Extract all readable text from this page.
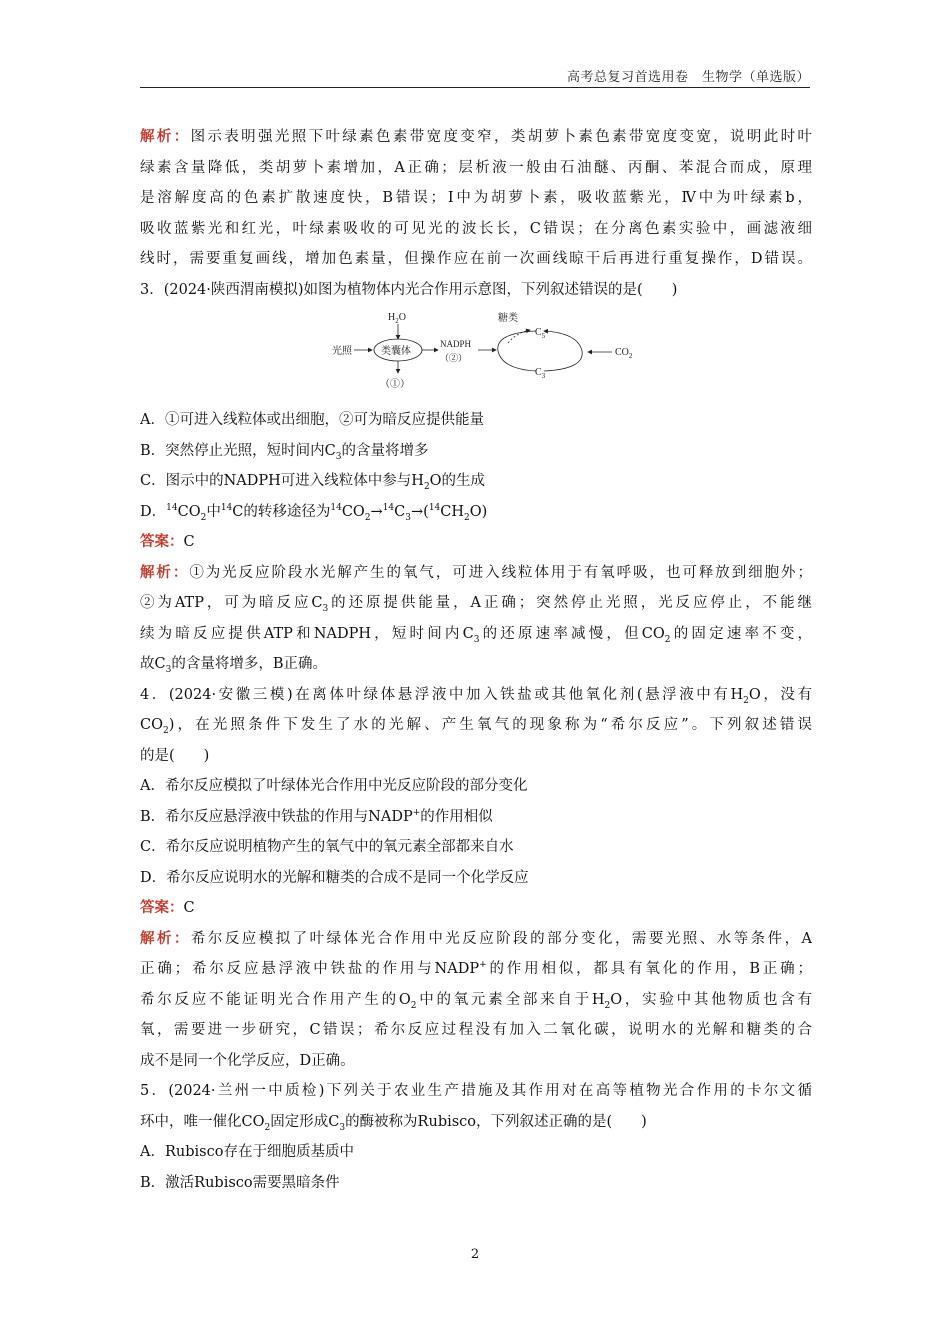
高考总复习首选用卷　生物学（单选版）
解析：图示表明强光照下叶绿素色素带宽度变窄，类胡萝卜素色素带宽度变宽，说明此时叶
绿素含量降低，类胡萝卜素增加，A正确；层析液一般由石油醚、丙酮、苯混合而成，原理
是溶解度高的色素扩散速度快，B错误；Ⅰ中为胡萝卜素，吸收蓝紫光，Ⅳ中为叶绿素b，
吸收蓝紫光和红光，叶绿素吸收的可见光的波长长，C错误；在分离色素实验中，画滤液细
线时，需要重复画线，增加色素量，但操作应在前一次画线晾干后再进行重复操作，D错误。
3．(2024·陕西渭南模拟)如图为植物体内光合作用示意图，下列叙述错误的是(　　)
$H_2O$
光照	类囊体
（①）
NADPH
（②）
糖类
$C_5$
$C_3$
$CO_2$
A．①可进入线粒体或出细胞，②可为暗反应提供能量
B．突然停止光照，短时间内$C_3$的含量将增多
C．图示中的NADPH可进入线粒体中参与$H_2O$的生成
D．$^{14}CO_2$中$^{14}$C的转移途径为$^{14}CO_2\to^{14}C_3\to(^{14}CH_2O)$
答案：C
解析：①为光反应阶段水光解产生的氧气，可进入线粒体用于有氧呼吸，也可释放到细胞外；
②为ATP，可为暗反应$C_3$的还原提供能量，A正确；突然停止光照，光反应停止，不能继
续为暗反应提供ATP和NADPH，短时间内$C_3$的还原速率减慢，但$CO_2$的固定速率不变，
故$C_3$的含量将增多，B正确。
4．(2024·安徽三模)在离体叶绿体悬浮液中加入铁盐或其他氧化剂(悬浮液中有$H_2O$，没有
$CO_2$)，在光照条件下发生了水的光解、产生氧气的现象称为“希尔反应”。下列叙述错误
的是(　　)
A．希尔反应模拟了叶绿体光合作用中光反应阶段的部分变化
B．希尔反应悬浮液中铁盐的作用与NADP+的作用相似
C．希尔反应说明植物产生的氧气中的氧元素全部都来自水
D．希尔反应说明水的光解和糖类的合成不是同一个化学反应
答案：C
解析：希尔反应模拟了叶绿体光合作用中光反应阶段的部分变化，需要光照、水等条件，A
正确；希尔反应悬浮液中铁盐的作用与NADP+的作用相似，都具有氧化的作用，B正确；
希尔反应不能证明光合作用产生的$O_2$中的氧元素全部来自于$H_2O$，实验中其他物质也含有
氧，需要进一步研究，C错误；希尔反应过程没有加入二氧化碳，说明水的光解和糖类的合
成不是同一个化学反应，D正确。
5．(2024·兰州一中质检)下列关于农业生产措施及其作用对在高等植物光合作用的卡尔文循
环中，唯一催化$CO_2$固定形成$C_3$的酶被称为Rubisco，下列叙述正确的是(　　)
A．Rubisco存在于细胞质基质中
B．激活Rubisco需要黑暗条件
2
